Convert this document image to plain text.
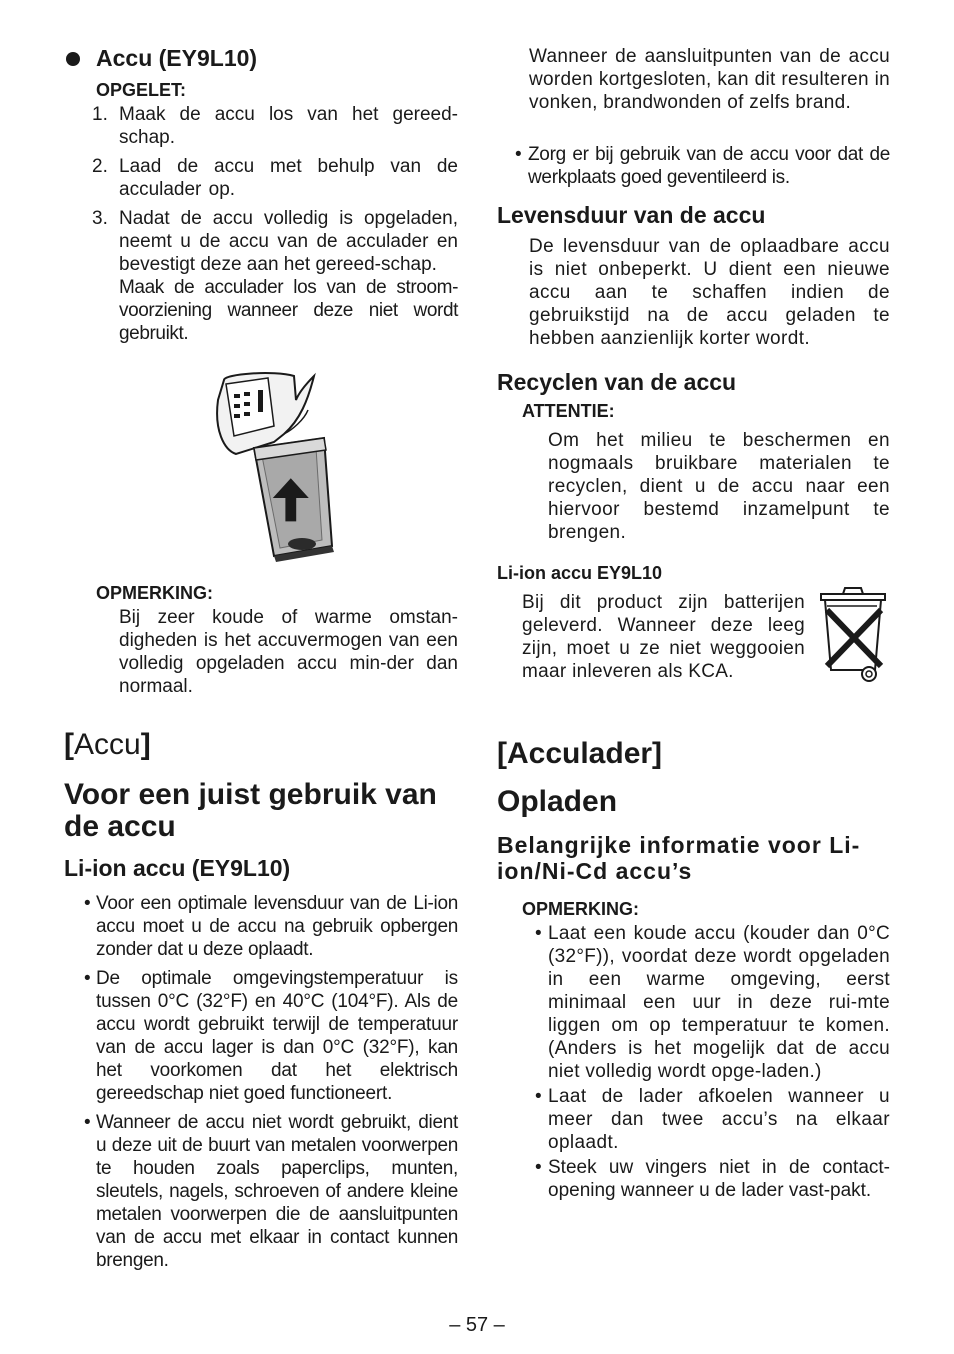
Accu (EY9L10)
OPGELET:
1. Maak de accu los van het gereed-schap.
2. Laad de accu met behulp van de acculader op.
3. Nadat de accu volledig is opgeladen, neemt u de accu van de acculader en bevestigt deze aan het gereed-schap.
Maak de acculader los van de stroom-voorziening wanneer deze niet wordt gebruikt.
OPMERKING:
Bij zeer koude of warme omstan-digheden is het accuvermogen van een volledig opgeladen accu min-der dan normaal.
[Accu]
Voor een juist gebruik van de accu
Li-ion accu (EY9L10)
• Voor een optimale levensduur van de Li-ion accu moet u de accu na gebruik opbergen zonder dat u deze oplaadt.
• De optimale omgevingstemperatuur is tussen 0°C (32°F) en 40°C (104°F). Als de accu wordt gebruikt terwijl de temperatuur van de accu lager is dan 0°C (32°F), kan het voorkomen dat het elektrisch gereedschap niet goed functioneert.
• Wanneer de accu niet wordt gebruikt, dient u deze uit de buurt van metalen voorwerpen te houden zoals paperclips, munten, sleutels, nagels, schroeven of andere kleine metalen voorwerpen die de aansluitpunten van de accu met elkaar in contact kunnen brengen.
Wanneer de aansluitpunten van de accu worden kortgesloten, kan dit resulteren in vonken, brandwonden of zelfs brand.
• Zorg er bij gebruik van de accu voor dat de werkplaats goed geventileerd is.
Levensduur van de accu
De levensduur van de oplaadbare accu is niet onbeperkt. U dient een nieuwe accu aan te schaffen indien de gebruikstijd na de accu geladen te hebben aanzienlijk korter wordt.
Recyclen van de accu
ATTENTIE:
Om het milieu te beschermen en nogmaals bruikbare materialen te recyclen, dient u de accu naar een hiervoor bestemd inzamelpunt te brengen.
Li-ion accu EY9L10
Bij dit product zijn batterijen geleverd. Wanneer deze leeg zijn, moet u ze niet weggooien maar inleveren als KCA.
[Acculader]
Opladen
Belangrijke informatie voor Li-ion/Ni-Cd accu’s
OPMERKING:
• Laat een koude accu (kouder dan 0°C (32°F)), voordat deze wordt opgeladen in een warme omgeving, eerst minimaal een uur in deze rui-mte liggen om op temperatuur te komen. (Anders is het mogelijk dat de accu niet volledig wordt opge-laden.)
• Laat de lader afkoelen wanneer u meer dan twee accu’s na elkaar oplaadt.
• Steek uw vingers niet in de contact-opening wanneer u de lader vast-pakt.
– 57 –
